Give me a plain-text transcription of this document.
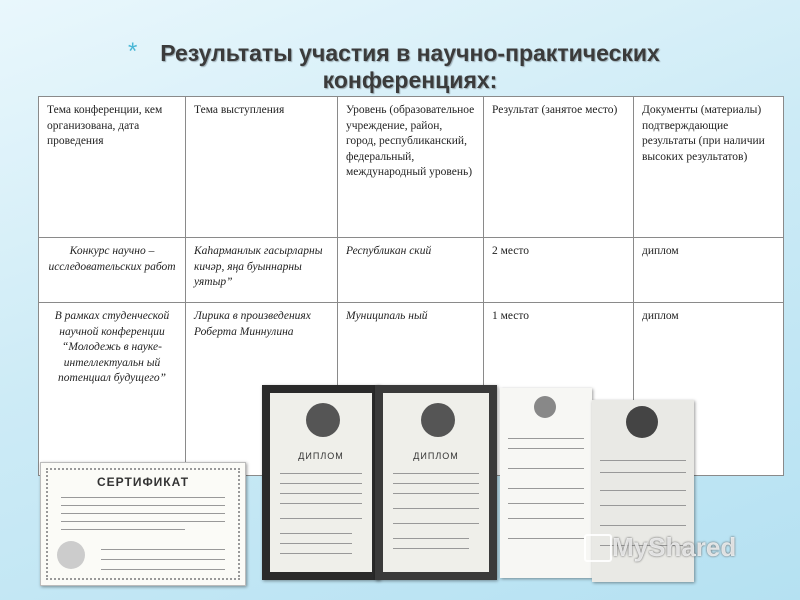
* Результаты участия в научно-практических
конференциях:
Тема конференции, кем организована, дата проведения	Тема выступления	Уровень (образовательное учреждение, район, город, республиканский, федеральный, международный уровень)	Результат (занятое место)	Документы (материалы) подтверждающие результаты (при наличии высоких результатов)
Конкурс научно – исследовательских работ	Каһарманлык гасырларны кичәр, яңа буыннарны уятыр”	Республикан ский	2 место	диплом
В рамках студенческой научной конференции “Молодежь в науке- интеллектуальн ый потенциал будущего”	Лирика в произведениях Роберта Миннулина	Муниципаль ный	1 место	диплом
СЕРТИФИКАТ
ДИПЛОМ	ДИПЛОМ
MyShared
